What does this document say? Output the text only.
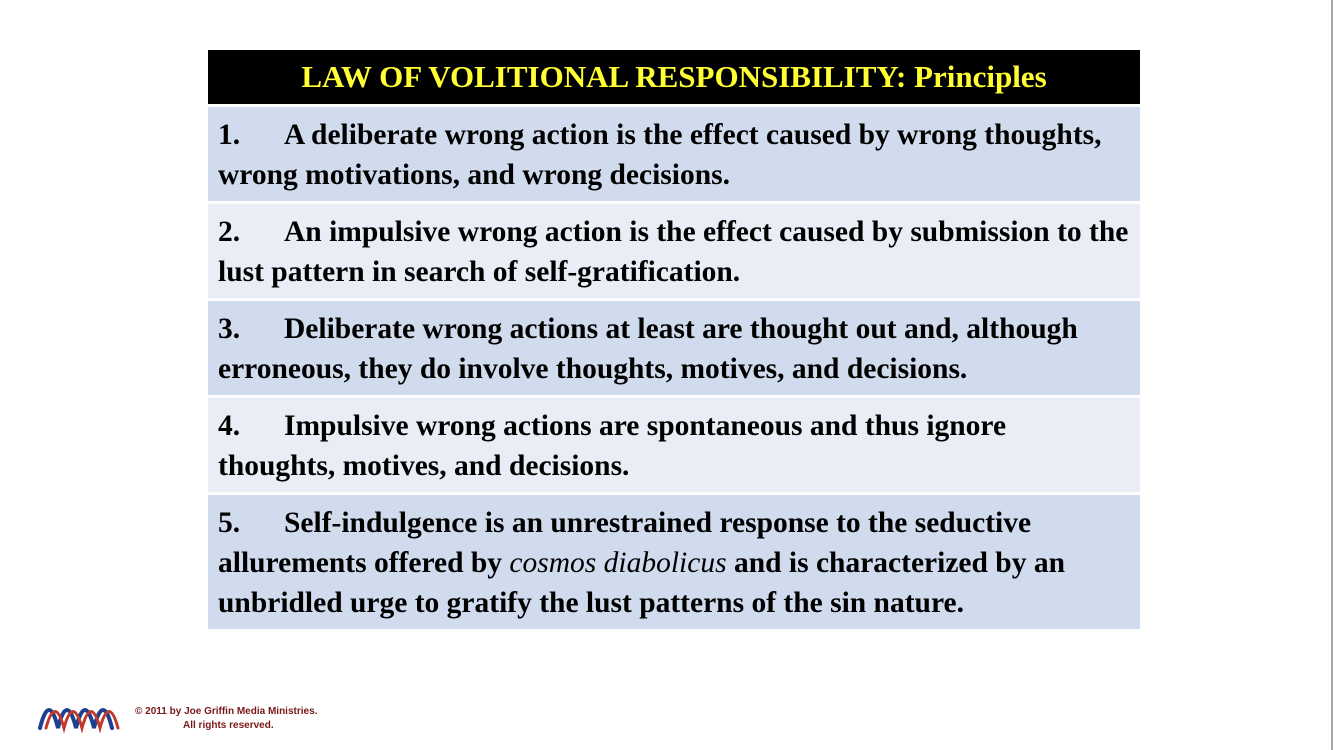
LAW OF VOLITIONAL RESPONSIBILITY: Principles
1. A deliberate wrong action is the effect caused by wrong thoughts, wrong motivations, and wrong decisions.
2. An impulsive wrong action is the effect caused by submission to the lust pattern in search of self-gratification.
3. Deliberate wrong actions at least are thought out and, although erroneous, they do involve thoughts, motives, and decisions.
4. Impulsive wrong actions are spontaneous and thus ignore thoughts, motives, and decisions.
5. Self-indulgence is an unrestrained response to the seductive allurements offered by cosmos diabolicus and is characterized by an unbridled urge to gratify the lust patterns of the sin nature.
© 2011 by Joe Griffin Media Ministries.
All rights reserved.
